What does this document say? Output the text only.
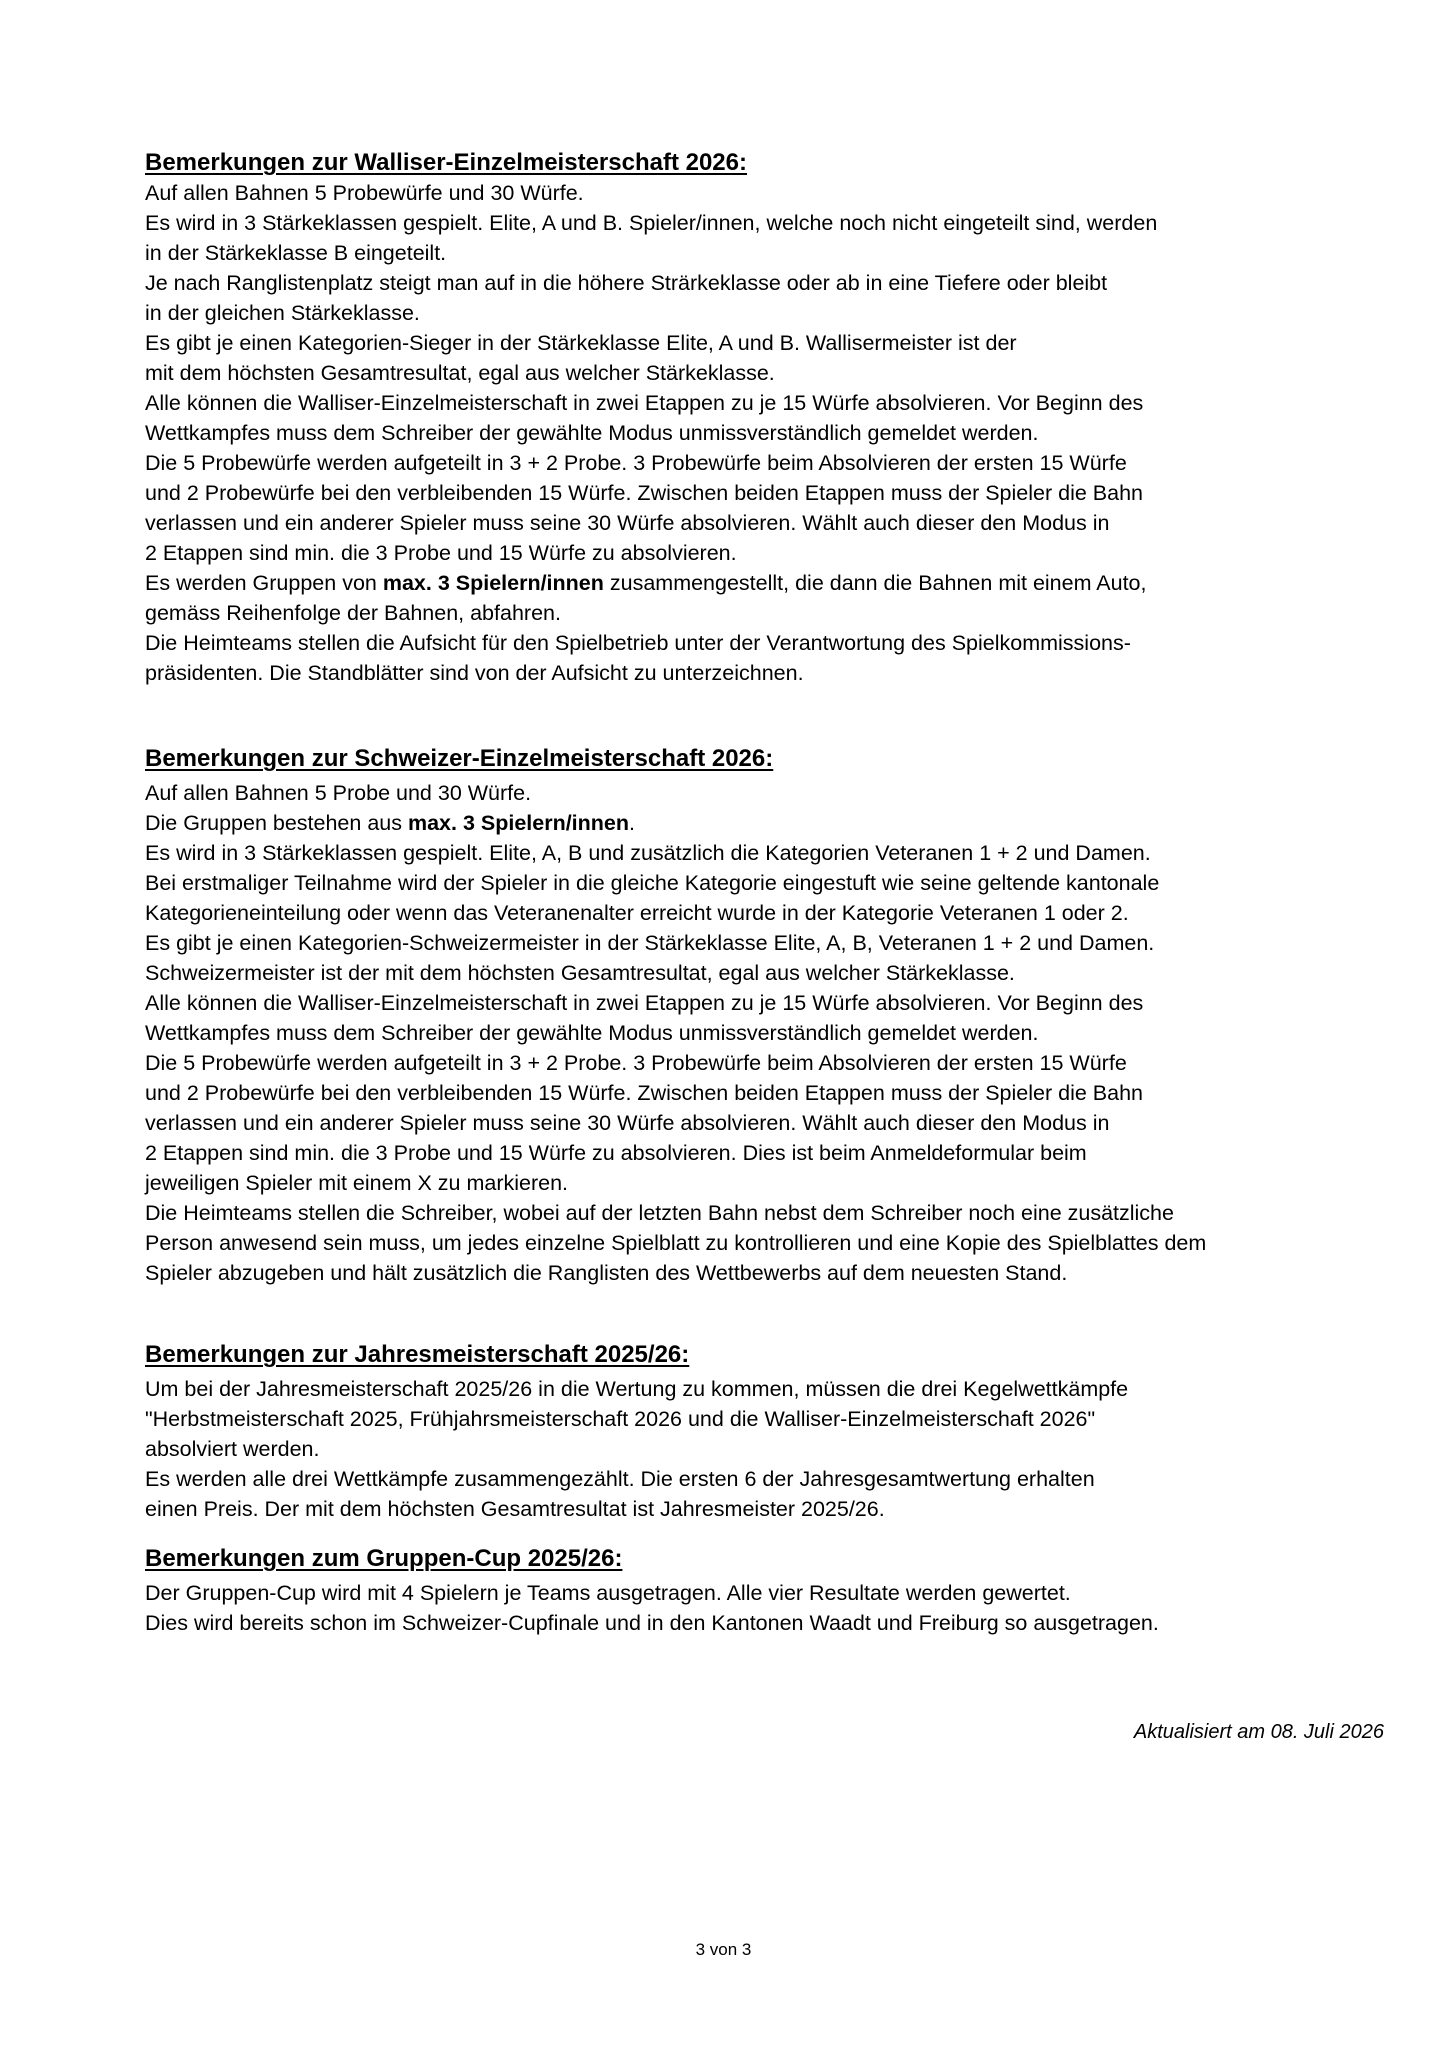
Bemerkungen zur Walliser-Einzelmeisterschaft 2026:

Auf allen Bahnen 5 Probewürfe und 30 Würfe.

Es wird in 3 Stärkeklassen gespielt. Elite, A und B. Spieler/innen, welche noch nicht eingeteilt sind, werden

in der Stärkeklasse B eingeteilt.

Je nach Ranglistenplatz steigt man auf in die höhere Strärkeklasse oder ab in eine Tiefere oder bleibt

in der gleichen Stärkeklasse.

Es gibt je einen Kategorien-Sieger in der Stärkeklasse Elite, A und B. Wallisermeister ist der

mit dem höchsten Gesamtresultat, egal aus welcher Stärkeklasse.

Alle können die Walliser-Einzelmeisterschaft in zwei Etappen zu je 15 Würfe absolvieren. Vor Beginn des

Wettkampfes muss dem Schreiber der gewählte Modus unmissverständlich gemeldet werden.

Die 5 Probewürfe werden aufgeteilt in 3 + 2 Probe. 3 Probewürfe beim Absolvieren der ersten 15 Würfe

und 2 Probewürfe bei den verbleibenden 15 Würfe. Zwischen beiden Etappen muss der Spieler die Bahn

verlassen und ein anderer Spieler muss seine 30 Würfe absolvieren. Wählt auch dieser den Modus in

2 Etappen sind min. die 3 Probe und 15 Würfe zu absolvieren.

Es werden Gruppen von max. 3 Spielern/innen zusammengestellt, die dann die Bahnen mit einem Auto,

gemäss Reihenfolge der Bahnen, abfahren.

Die Heimteams stellen die Aufsicht für den Spielbetrieb unter der Verantwortung des Spielkommissions-

präsidenten. Die Standblätter sind von der Aufsicht zu unterzeichnen.

Bemerkungen zur Schweizer-Einzelmeisterschaft 2026:

Auf allen Bahnen 5 Probe und 30 Würfe.

Die Gruppen bestehen aus max. 3 Spielern/innen.

Es wird in 3 Stärkeklassen gespielt. Elite, A, B und zusätzlich die Kategorien Veteranen 1 + 2 und Damen.

Bei erstmaliger Teilnahme wird der Spieler in die gleiche Kategorie eingestuft wie seine geltende kantonale

Kategorieneinteilung oder wenn das Veteranenalter erreicht wurde in der Kategorie Veteranen 1 oder 2.

Es gibt je einen Kategorien-Schweizermeister in der Stärkeklasse Elite, A, B, Veteranen 1 + 2 und Damen.

Schweizermeister ist der mit dem höchsten Gesamtresultat, egal aus welcher Stärkeklasse.

Alle können die Walliser-Einzelmeisterschaft in zwei Etappen zu je 15 Würfe absolvieren. Vor Beginn des

Wettkampfes muss dem Schreiber der gewählte Modus unmissverständlich gemeldet werden.

Die 5 Probewürfe werden aufgeteilt in 3 + 2 Probe. 3 Probewürfe beim Absolvieren der ersten 15 Würfe

und 2 Probewürfe bei den verbleibenden 15 Würfe. Zwischen beiden Etappen muss der Spieler die Bahn

verlassen und ein anderer Spieler muss seine 30 Würfe absolvieren. Wählt auch dieser den Modus in

2 Etappen sind min. die 3 Probe und 15 Würfe zu absolvieren. Dies ist beim Anmeldeformular beim

jeweiligen Spieler mit einem X zu markieren.

Die Heimteams stellen die Schreiber, wobei auf der letzten Bahn nebst dem Schreiber noch eine zusätzliche

Person anwesend sein muss, um jedes einzelne Spielblatt zu kontrollieren und eine Kopie des Spielblattes dem

Spieler abzugeben und hält zusätzlich die Ranglisten des Wettbewerbs auf dem neuesten Stand.

Bemerkungen zur Jahresmeisterschaft 2025/26:

Um bei der Jahresmeisterschaft 2025/26 in die Wertung zu kommen, müssen die drei Kegelwettkämpfe

"Herbstmeisterschaft 2025, Frühjahrsmeisterschaft 2026 und die Walliser-Einzelmeisterschaft 2026"

absolviert werden.

Es werden alle drei Wettkämpfe zusammengezählt. Die ersten 6 der Jahresgesamtwertung erhalten

einen Preis. Der mit dem höchsten Gesamtresultat ist Jahresmeister 2025/26.

Bemerkungen zum Gruppen-Cup 2025/26:

Der Gruppen-Cup wird mit 4 Spielern je Teams ausgetragen. Alle vier Resultate werden gewertet.

Dies wird bereits schon im Schweizer-Cupfinale und in den Kantonen Waadt und Freiburg so ausgetragen.

Aktualisiert am 08. Juli 2026
3 von 3
